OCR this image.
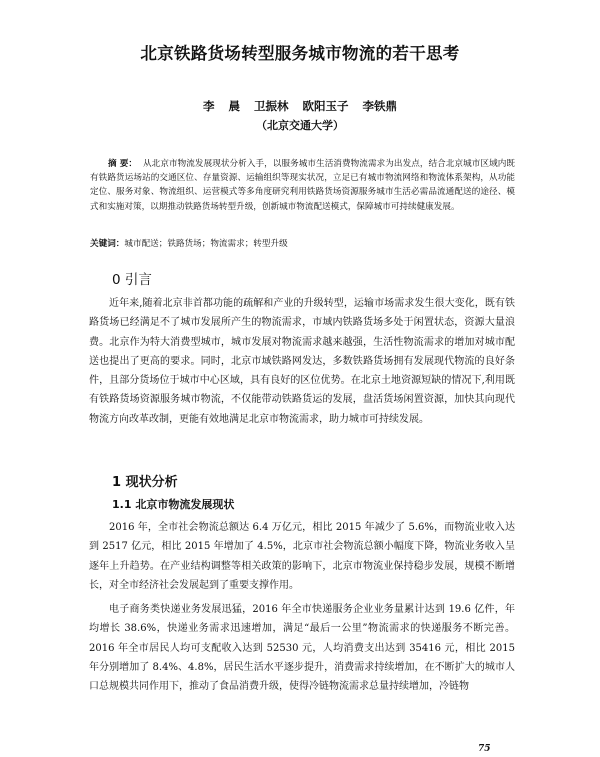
北京铁路货场转型服务城市物流的若干思考
李 晨 卫振林 欧阳玉子 李铁鼎
（北京交通大学）
摘 要： 从北京市物流发展现状分析入手，以服务城市生活消费物流需求为出发点，结合北京城市区域内既有铁路货运场站的交通区位、存量资源、运输组织等现实状况，立足已有城市物流网络和物流体系架构，从功能定位、服务对象、物流组织、运营模式等多角度研究利用铁路货场资源服务城市生活必需品流通配送的途径、模式和实施对策，以期推动铁路货场转型升级，创新城市物流配送模式，保障城市可持续健康发展。
关键词：城市配送；铁路货场；物流需求；转型升级
0 引言
近年来,随着北京非首都功能的疏解和产业的升级转型，运输市场需求发生很大变化，既有铁路货场已经满足不了城市发展所产生的物流需求，市域内铁路货场多处于闲置状态，资源大量浪费。北京作为特大消费型城市，城市发展对物流需求越来越强，生活性物流需求的增加对城市配送也提出了更高的要求。同时，北京市域铁路网发达，多数铁路货场拥有发展现代物流的良好条件，且部分货场位于城市中心区域，具有良好的区位优势。在北京土地资源短缺的情况下,利用既有铁路货场资源服务城市物流，不仅能带动铁路货运的发展，盘活货场闲置资源，加快其向现代物流方向改革改制，更能有效地满足北京市物流需求，助力城市可持续发展。
1 现状分析
1.1 北京市物流发展现状
2016 年，全市社会物流总额达 6.4 万亿元，相比 2015 年减少了 5.6%，而物流业收入达到 2517 亿元，相比 2015 年增加了 4.5%，北京市社会物流总额小幅度下降，物流业务收入呈逐年上升趋势。在产业结构调整等相关政策的影响下，北京市物流业保持稳步发展，规模不断增长，对全市经济社会发展起到了重要支撑作用。
电子商务类快递业务发展迅猛，2016 年全市快递服务企业业务量累计达到 19.6 亿件，年均增长 38.6%，快递业务需求迅速增加，满足“最后一公里”物流需求的快递服务不断完善。2016 年全市居民人均可支配收入达到 52530 元，人均消费支出达到 35416 元，相比 2015 年分别增加了 8.4%、4.8%，居民生活水平逐步提升，消费需求持续增加，在不断扩大的城市人口总规模共同作用下，推动了食品消费升级，使得冷链物流需求总量持续增加，冷链物
75
